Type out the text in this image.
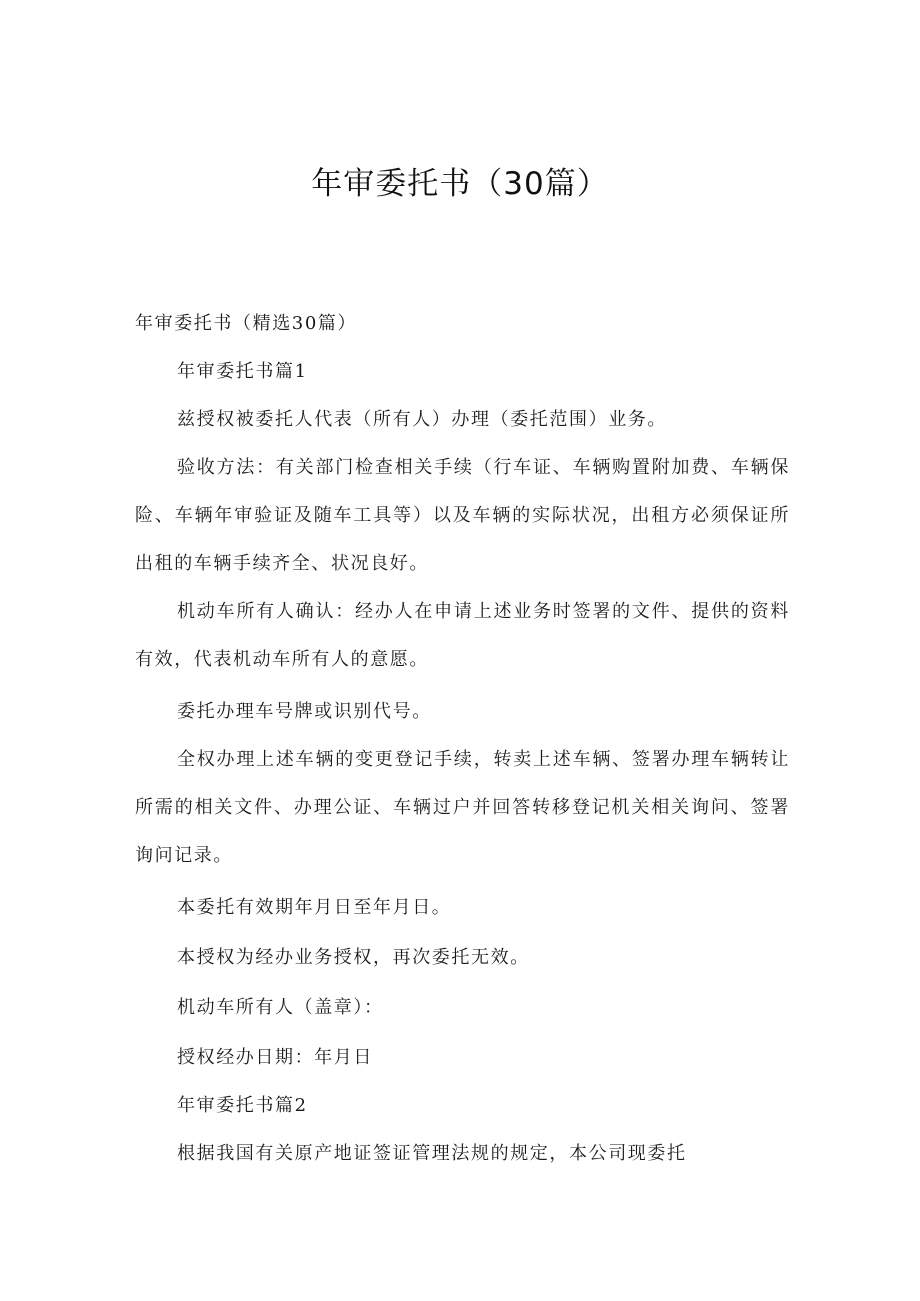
年审委托书（30篇）

年审委托书（精选30篇）

年审委托书篇1

兹授权被委托人代表（所有人）办理（委托范围）业务。

验收方法：有关部门检查相关手续（行车证、车辆购置附加费、车辆保险、车辆年审验证及随车工具等）以及车辆的实际状况，出租方必须保证所出租的车辆手续齐全、状况良好。

机动车所有人确认：经办人在申请上述业务时签署的文件、提供的资料有效，代表机动车所有人的意愿。

委托办理车号牌或识别代号。

全权办理上述车辆的变更登记手续，转卖上述车辆、签署办理车辆转让所需的相关文件、办理公证、车辆过户并回答转移登记机关相关询问、签署询问记录。

本委托有效期年月日至年月日。

本授权为经办业务授权，再次委托无效。

机动车所有人（盖章）：

授权经办日期：年月日

年审委托书篇2

根据我国有关原产地证签证管理法规的规定，本公司现委托
